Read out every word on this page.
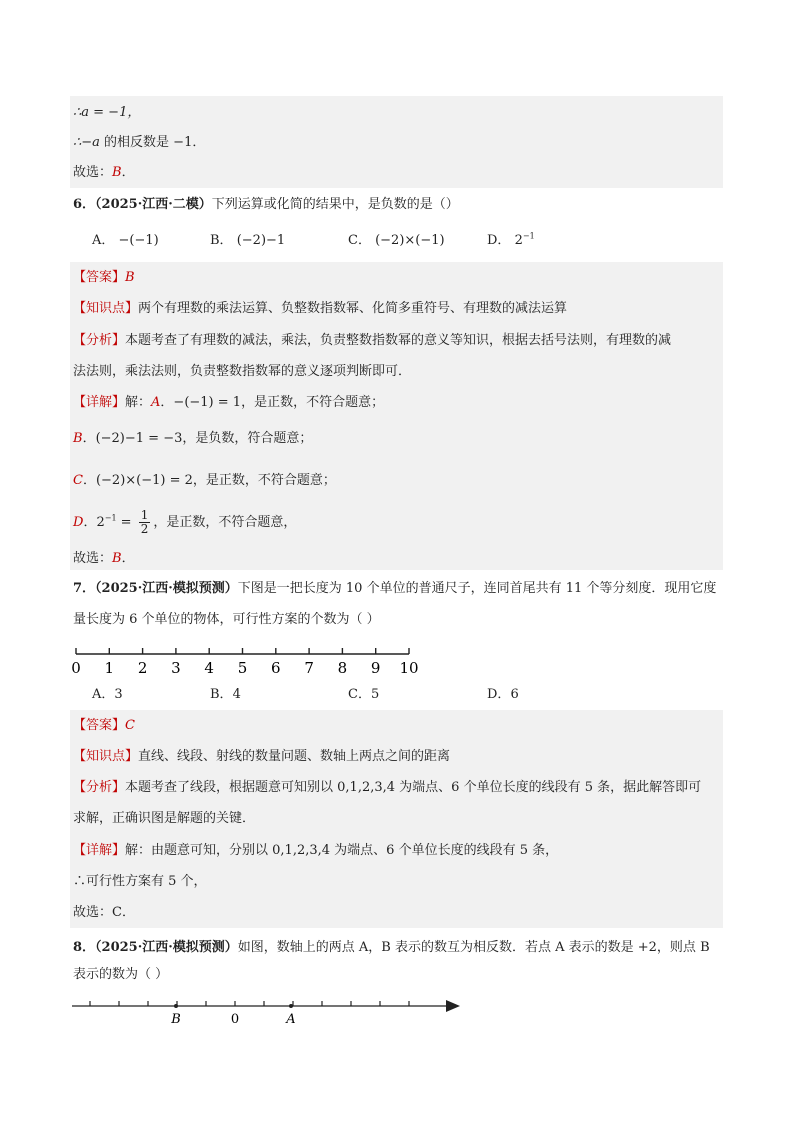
∴a = −1，
∴−a 的相反数是 −1．
故选：B．
6．（2025·江西·二模）下列运算或化简的结果中，是负数的是（）
A． −(−1)	B． (−2)−1	C． (−2)×(−1)	D． $2^{-1}$
【答案】B
【知识点】两个有理数的乘法运算、负整数指数幂、化简多重符号、有理数的减法运算
【分析】本题考查了有理数的减法，乘法，负责整数指数幂的意义等知识，根据去括号法则，有理数的减
法法则，乘法法则，负责整数指数幂的意义逐项判断即可．
【详解】解：A．−(−1) = 1，是正数，不符合题意；
B．(−2)−1 = −3，是负数，符合题意；
C．(−2)×(−1) = 2，是正数，不符合题意；
D．$2^{-1} = \frac{1}{2}$ ，是正数，不符合题意，
故选：B．
7．（2025·江西·模拟预测）下图是一把长度为 10 个单位的普通尺子，连同首尾共有 11 个等分刻度．现用它度
量长度为 6 个单位的物体，可行性方案的个数为（ ）
0 1 2 3 4 5 6 7 8 9 10
A．3	B．4	C．5	D．6
【答案】C
【知识点】直线、线段、射线的数量问题、数轴上两点之间的距离
【分析】本题考查了线段，根据题意可知别以 0,1,2,3,4 为端点、6 个单位长度的线段有 5 条，据此解答即可
求解，正确识图是解题的关键．
【详解】解：由题意可知，分别以 0,1,2,3,4 为端点、6 个单位长度的线段有 5 条，
∴可行性方案有 5 个，
故选：C．
8．（2025·江西·模拟预测）如图，数轴上的两点 A，B 表示的数互为相反数．若点 A 表示的数是 +2，则点 B
表示的数为（ ）
B	0	A
